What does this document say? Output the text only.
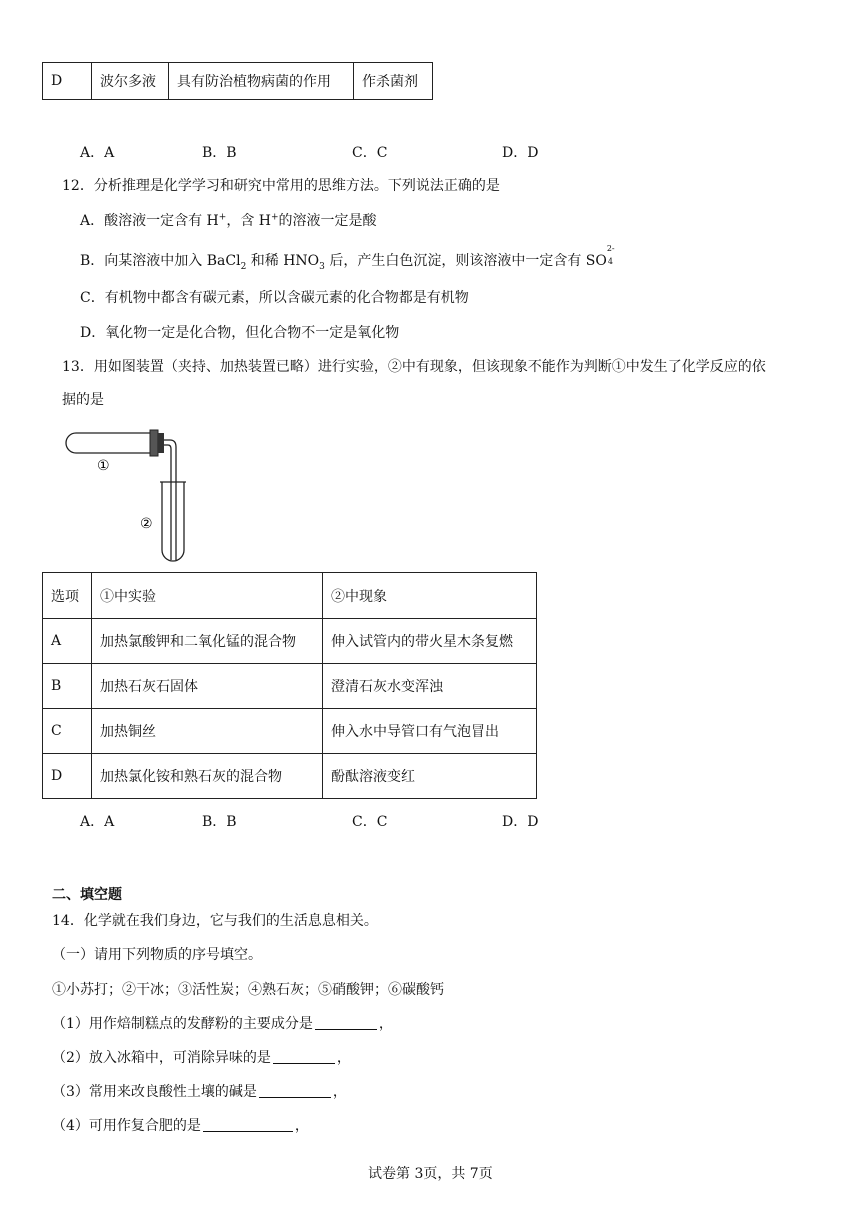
D	波尔多液	具有防治植物病菌的作用	作杀菌剂
A．A	B．B	C．C	D．D
12．分析推理是化学学习和研究中常用的思维方法。下列说法正确的是
A．酸溶液一定含有 H+，含 H+的溶液一定是酸
B．向某溶液中加入 BaCl$_2$ 和稀 $HNO_3$ 后，产生白色沉淀，则该溶液中一定含有 SO
2-
4
C．有机物中都含有碳元素，所以含碳元素的化合物都是有机物
D．氧化物一定是化合物，但化合物不一定是氧化物
13．用如图装置（夹持、加热装置已略）进行实验，②中有现象，但该现象不能作为判断①中发生了化学反应的依
据的是
①
②
选项	①中实验	②中现象
A	加热氯酸钾和二氧化锰的混合物	伸入试管内的带火星木条复燃
B	加热石灰石固体	澄清石灰水变浑浊
C	加热铜丝	伸入水中导管口有气泡冒出
D	加热氯化铵和熟石灰的混合物	酚酞溶液变红
A．A	B．B	C．C	D．D
二、填空题
14．化学就在我们身边，它与我们的生活息息相关。
（一）请用下列物质的序号填空。
①小苏打；②干冰；③活性炭；④熟石灰；⑤硝酸钾；⑥碳酸钙
（1）用作焙制糕点的发酵粉的主要成分是	，
（2）放入冰箱中，可消除异味的是	，
（3）常用来改良酸性土壤的碱是	，
（4）可用作复合肥的是	，
试卷第 3页，共 7页
